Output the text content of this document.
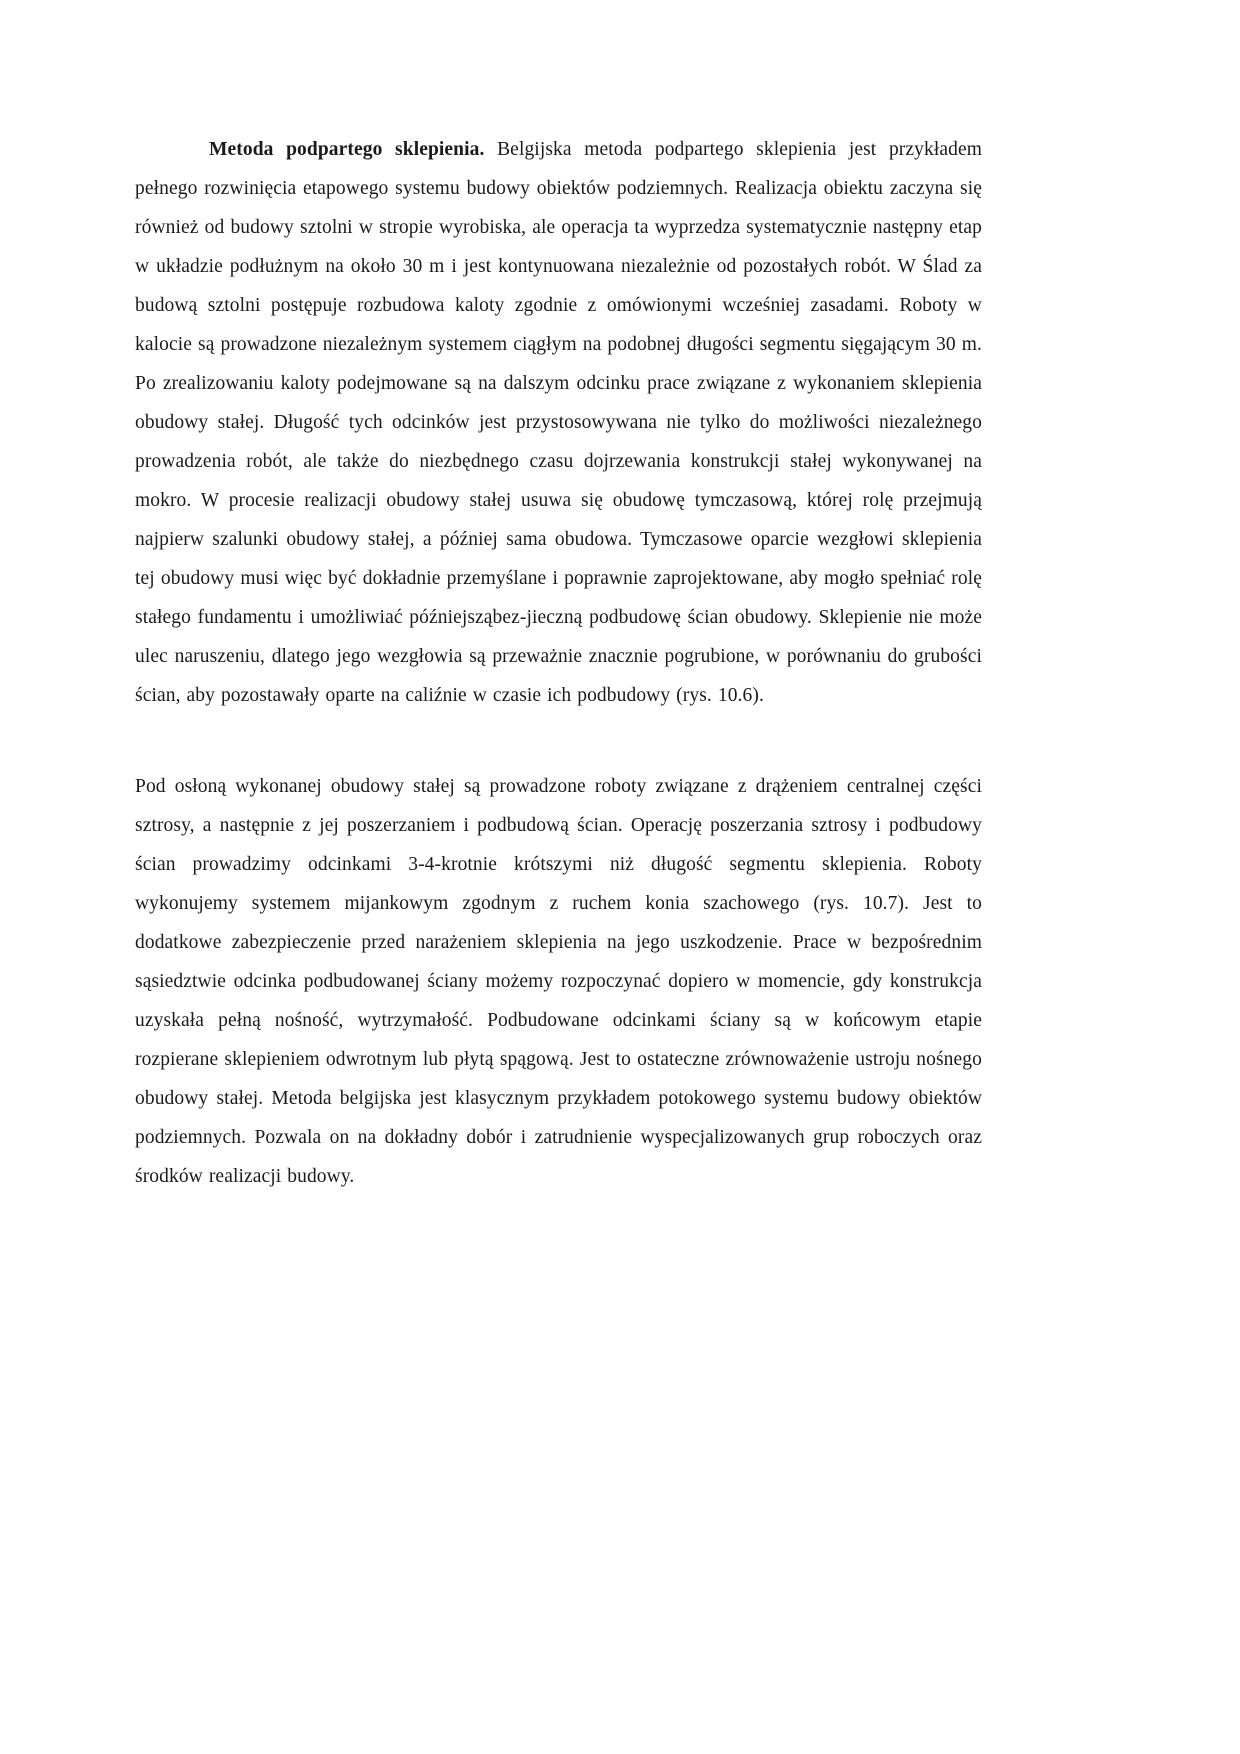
Metoda podpartego sklepienia. Belgijska metoda podpartego sklepienia jest przykładem pełnego rozwinięcia etapowego systemu budowy obiektów podziemnych. Realizacja obiektu zaczyna się również od budowy sztolni w stropie wyrobiska, ale operacja ta wyprzedza systematycznie następny etap w układzie podłużnym na około 30 m i jest kontynuowana niezależnie od pozostałych robót. W Ślad za budową sztolni postępuje rozbudowa kaloty zgodnie z omówionymi wcześniej zasadami. Roboty w kalocie są prowadzone niezależnym systemem ciągłym na podobnej długości segmentu sięgającym 30 m. Po zrealizowaniu kaloty podejmowane są na dalszym odcinku prace związane z wykonaniem sklepienia obudowy stałej. Długość tych odcinków jest przystosowywana nie tylko do możliwości niezależnego prowadzenia robót, ale także do niezbędnego czasu dojrzewania konstrukcji stałej wykonywanej na mokro. W procesie realizacji obudowy stałej usuwa się obudowę tymczasową, której rolę przejmują najpierw szalunki obudowy stałej, a później sama obudowa. Tymczasowe oparcie wezgłowi sklepienia tej obudowy musi więc być dokładnie przemyślane i poprawnie zaprojektowane, aby mogło spełniać rolę stałego fundamentu i umożliwiać późniejsząbez-jieczną podbudowę ścian obudowy. Sklepienie nie może ulec naruszeniu, dlatego jego wezgłowia są przeważnie znacznie pogrubione, w porównaniu do grubości ścian, aby pozostawały oparte na caliźnie w czasie ich podbudowy (rys. 10.6).

Pod osłoną wykonanej obudowy stałej są prowadzone roboty związane z drążeniem centralnej części sztrosy, a następnie z jej poszerzaniem i podbudową ścian. Operację poszerzania sztrosy i podbudowy ścian prowadzimy odcinkami 3-4-krotnie krótszymi niż długość segmentu sklepienia. Roboty wykonujemy systemem mijankowym zgodnym z ruchem konia szachowego (rys. 10.7). Jest to dodatkowe zabezpieczenie przed narażeniem sklepienia na jego uszkodzenie. Prace w bezpośrednim sąsiedztwie odcinka podbudowanej ściany możemy rozpoczynać dopiero w momencie, gdy konstrukcja uzyskała pełną nośność, wytrzymałość. Podbudowane odcinkami ściany są w końcowym etapie rozpierane sklepieniem odwrotnym lub płytą spągową. Jest to ostateczne zrównoważenie ustroju nośnego obudowy stałej. Metoda belgijska jest klasycznym przykładem potokowego systemu budowy obiektów podziemnych. Pozwala on na dokładny dobór i zatrudnienie wyspecjalizowanych grup roboczych oraz środków realizacji budowy.
